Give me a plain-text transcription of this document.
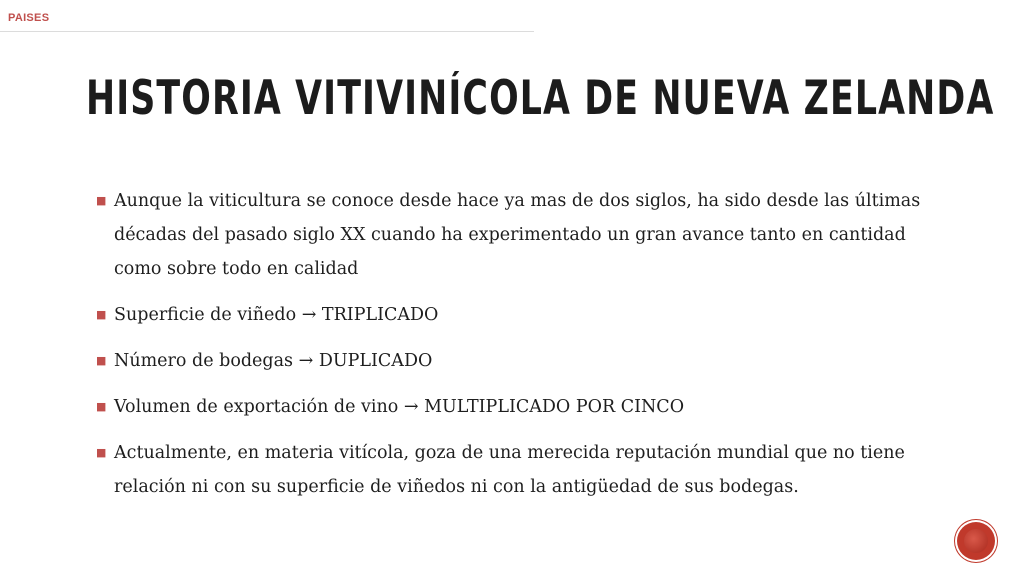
PAISES
HISTORIA VITIVINÍCOLA DE NUEVA ZELANDA
■ Aunque la viticultura se conoce desde hace ya mas de dos siglos, ha sido desde las últimas décadas del pasado siglo XX cuando ha experimentado un gran avance tanto en cantidad como sobre todo en calidad
■ Superficie de viñedo → TRIPLICADO
■ Número de bodegas → DUPLICADO
■ Volumen de exportación de vino → MULTIPLICADO POR CINCO
■ Actualmente, en materia vitícola, goza de una merecida reputación mundial que no tiene relación ni con su superficie de viñedos ni con la antigüedad de sus bodegas.
